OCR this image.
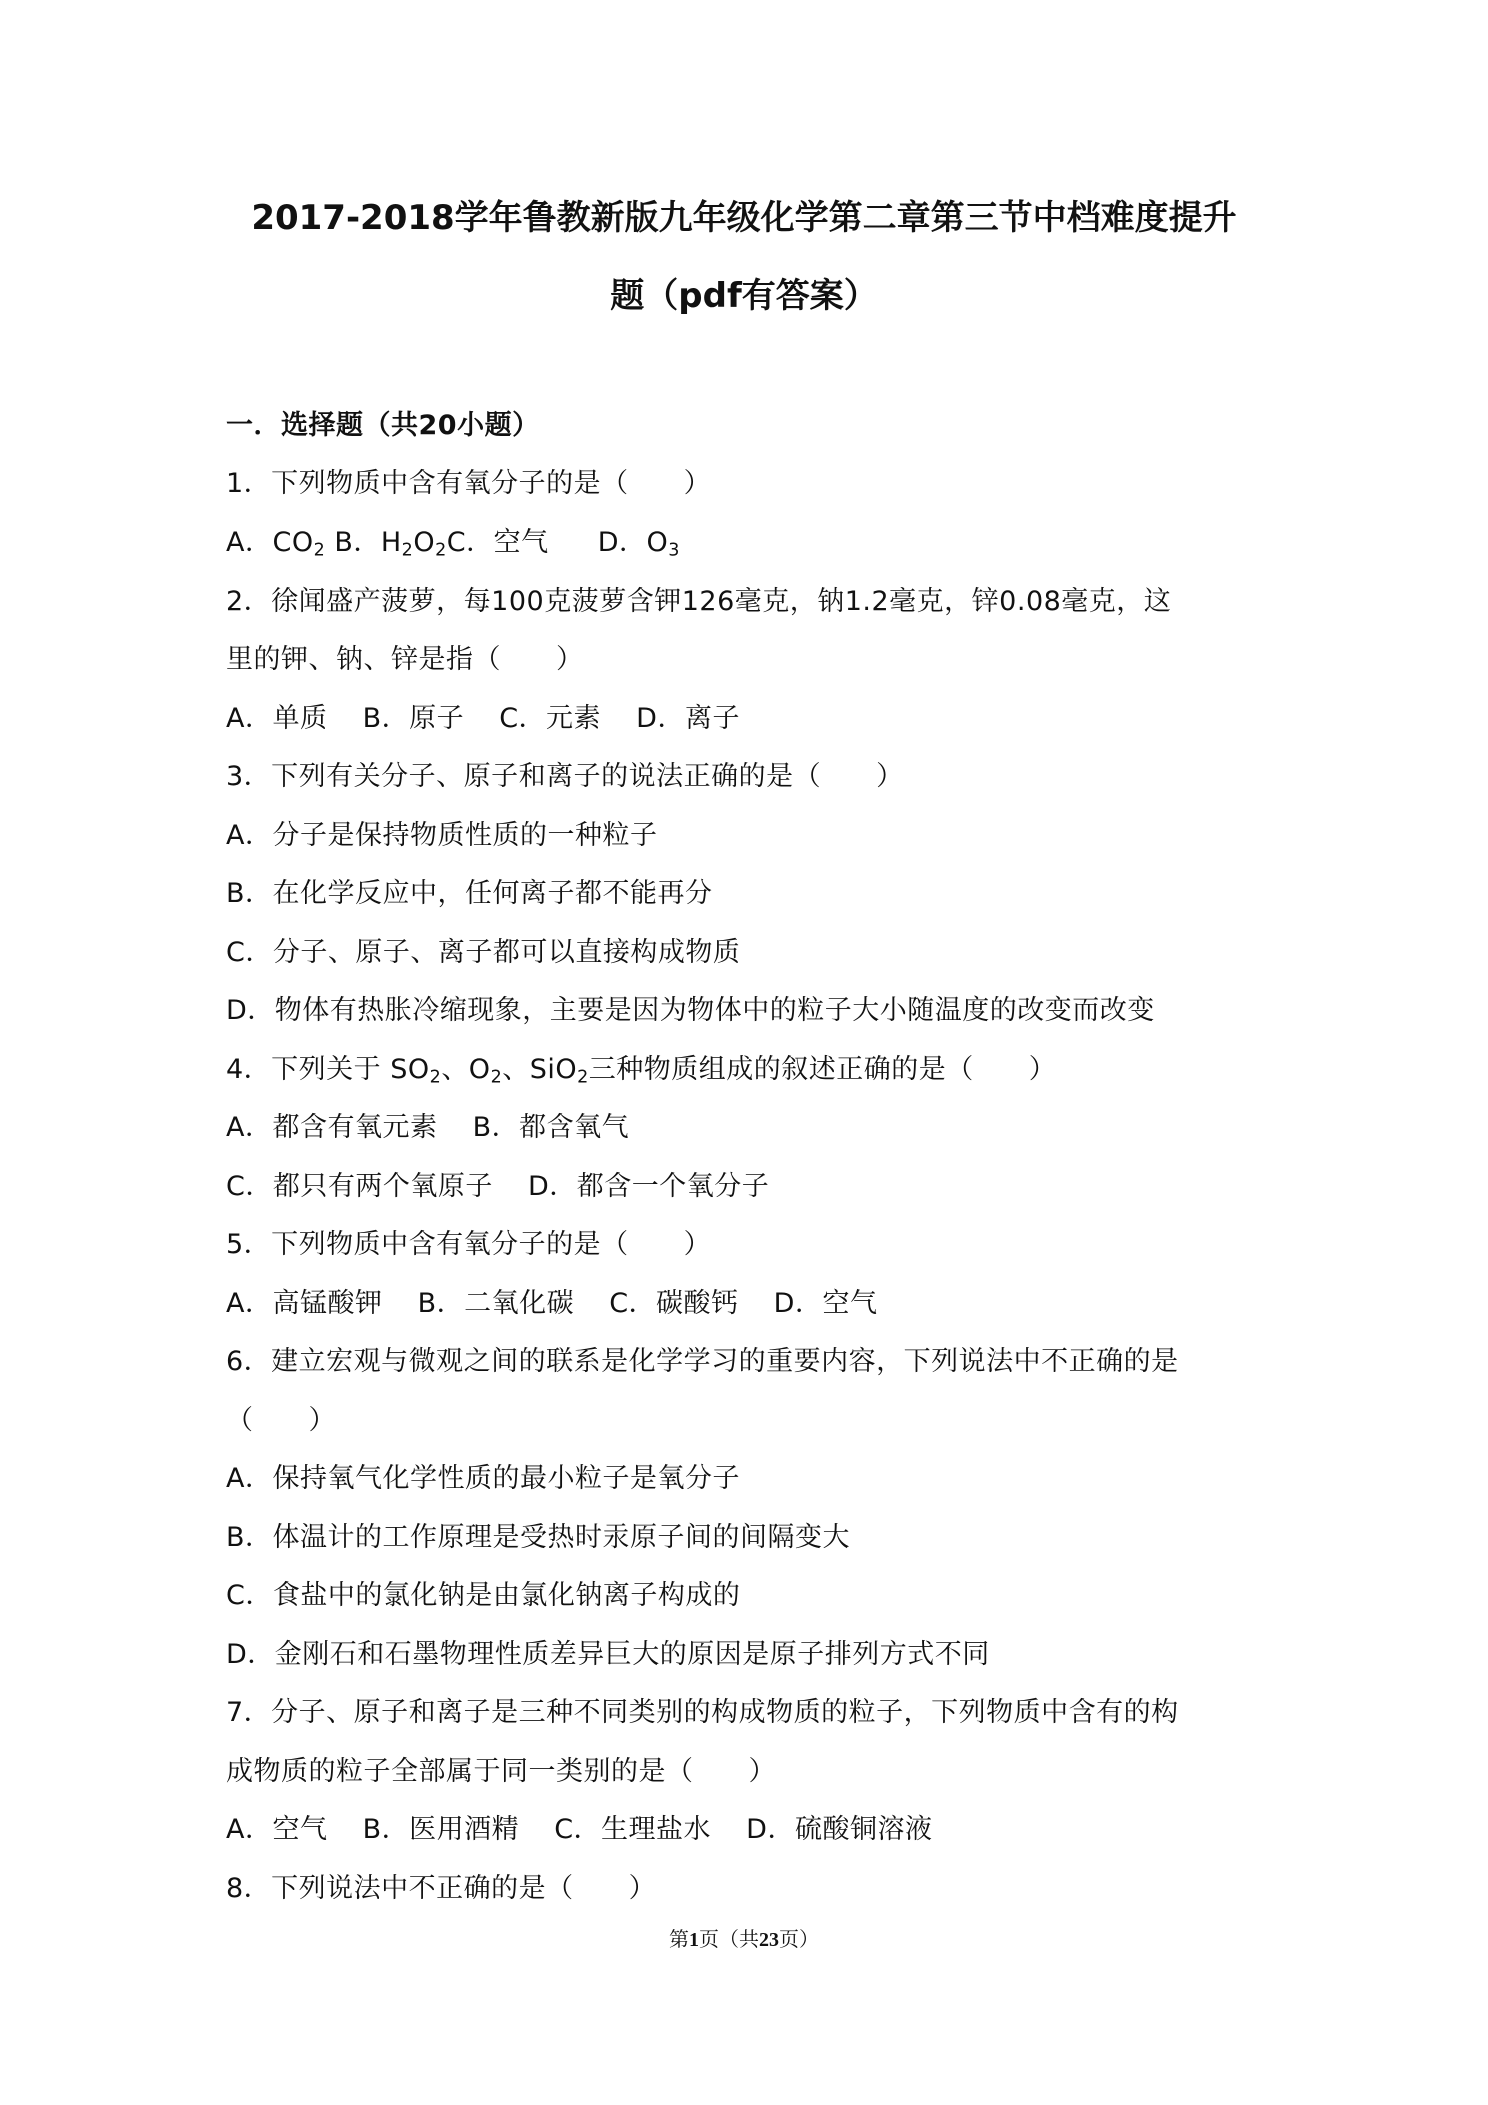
2017-2018学年鲁教新版九年级化学第二章第三节中档难度提升
题（pdf有答案）
一．选择题（共20小题）
1．下列物质中含有氧分子的是（　　）
A．$CO_2$ B．$H_2O_2C$．空气 D．$O_3$
2．徐闻盛产菠萝，每100克菠萝含钾126毫克，钠1.2毫克，锌0.08毫克，这
里的钾、钠、锌是指（　　）
A．单质 B．原子 C．元素 D．离子
3．下列有关分子、原子和离子的说法正确的是（　　）
A．分子是保持物质性质的一种粒子
B．在化学反应中，任何离子都不能再分
C．分子、原子、离子都可以直接构成物质
D．物体有热胀冷缩现象，主要是因为物体中的粒子大小随温度的改变而改变
4．下列关于 $SO_2$、$O_2$、SiO$_2$三种物质组成的叙述正确的是（　　）
A．都含有氧元素 B．都含氧气
C．都只有两个氧原子 D．都含一个氧分子
5．下列物质中含有氧分子的是（　　）
A．高锰酸钾 B．二氧化碳 C．碳酸钙 D．空气
6．建立宏观与微观之间的联系是化学学习的重要内容，下列说法中不正确的是
（　　）
A．保持氧气化学性质的最小粒子是氧分子
B．体温计的工作原理是受热时汞原子间的间隔变大
C．食盐中的氯化钠是由氯化钠离子构成的
D．金刚石和石墨物理性质差异巨大的原因是原子排列方式不同
7．分子、原子和离子是三种不同类别的构成物质的粒子，下列物质中含有的构
成物质的粒子全部属于同一类别的是（　　）
A．空气 B．医用酒精 C．生理盐水 D．硫酸铜溶液
8．下列说法中不正确的是（　　）
第1页（共23页）
